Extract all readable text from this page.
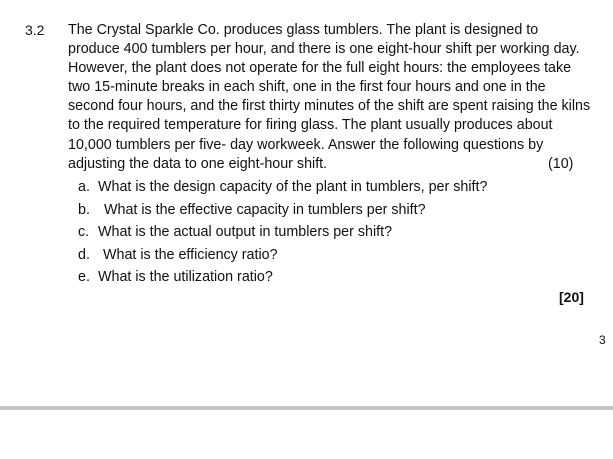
3.2 The Crystal Sparkle Co. produces glass tumblers. The plant is designed to
produce 400 tumblers per hour, and there is one eight-hour shift per working day.
However, the plant does not operate for the full eight hours: the employees take
two 15-minute breaks in each shift, one in the first four hours and one in the
second four hours, and the first thirty minutes of the shift are spent raising the kilns
to the required temperature for firing glass. The plant usually produces about
10,000 tumblers per five- day workweek. Answer the following questions by
adjusting the data to one eight-hour shift.	(10)
a. What is the design capacity of the plant in tumblers, per shift?
b. What is the effective capacity in tumblers per shift?
c. What is the actual output in tumblers per shift?
d. What is the efficiency ratio?
e. What is the utilization ratio?
[20]
3
